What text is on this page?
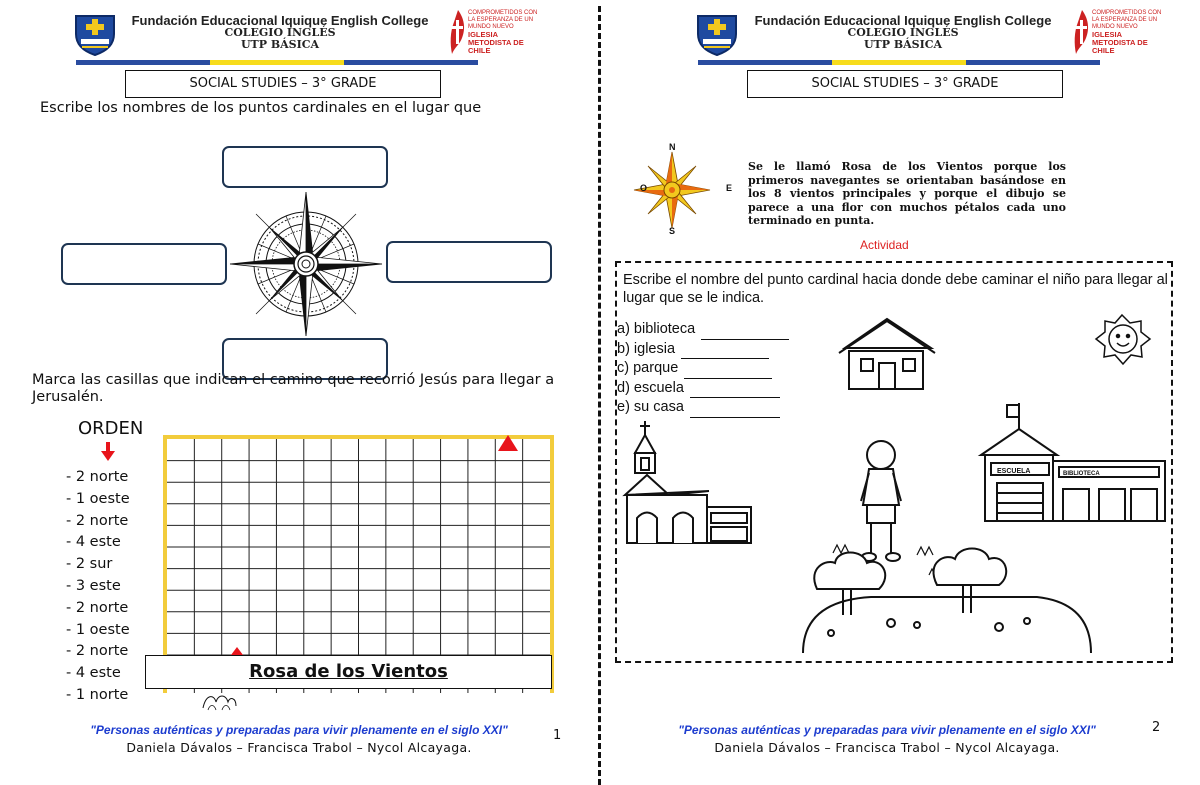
Fundación Educacional Iquique English College
COLEGIO INGLÉS
UTP BÁSICA
COMPROMETIDOS CON LA ESPERANZA DE UN MUNDO NUEVO
IGLESIA METODISTA DE CHILE
SOCIAL STUDIES – 3° GRADE
Escribe los nombres de los puntos cardinales en el lugar que
Marca las casillas que indican el camino que recorrió Jesús para llegar a Jerusalén.
ORDEN
- 2 norte
- 1 oeste
- 2 norte
- 4 este
- 2 sur
- 3 este
- 2 norte
- 1 oeste
- 2 norte
- 4 este
- 1 norte
Rosa de los Vientos
"Personas auténticas y preparadas para vivir plenamente en el siglo XXI"
Daniela Dávalos – Francisca Trabol – Nycol Alcayaga.
1
Fundación Educacional Iquique English College
COLEGIO INGLÉS
UTP BÁSICA
COMPROMETIDOS CON LA ESPERANZA DE UN MUNDO NUEVO
IGLESIA METODISTA DE CHILE
SOCIAL STUDIES – 3° GRADE
N
S
E
O
Se le llamó Rosa de los Vientos porque los primeros navegantes se orientaban basándose en los 8 vientos principales y porque el dibujo se parece a una flor con muchos pétalos cada uno terminado en punta.
Actividad
Escribe el nombre del punto cardinal hacia donde debe caminar el niño para llegar al lugar que se le indica.
a) biblioteca
b) iglesia
c) parque
d) escuela
e) su casa
ESCUELA	BIBLIOTECA
"Personas auténticas y preparadas para vivir plenamente en el siglo XXI"
Daniela Dávalos – Francisca Trabol – Nycol Alcayaga.
2
